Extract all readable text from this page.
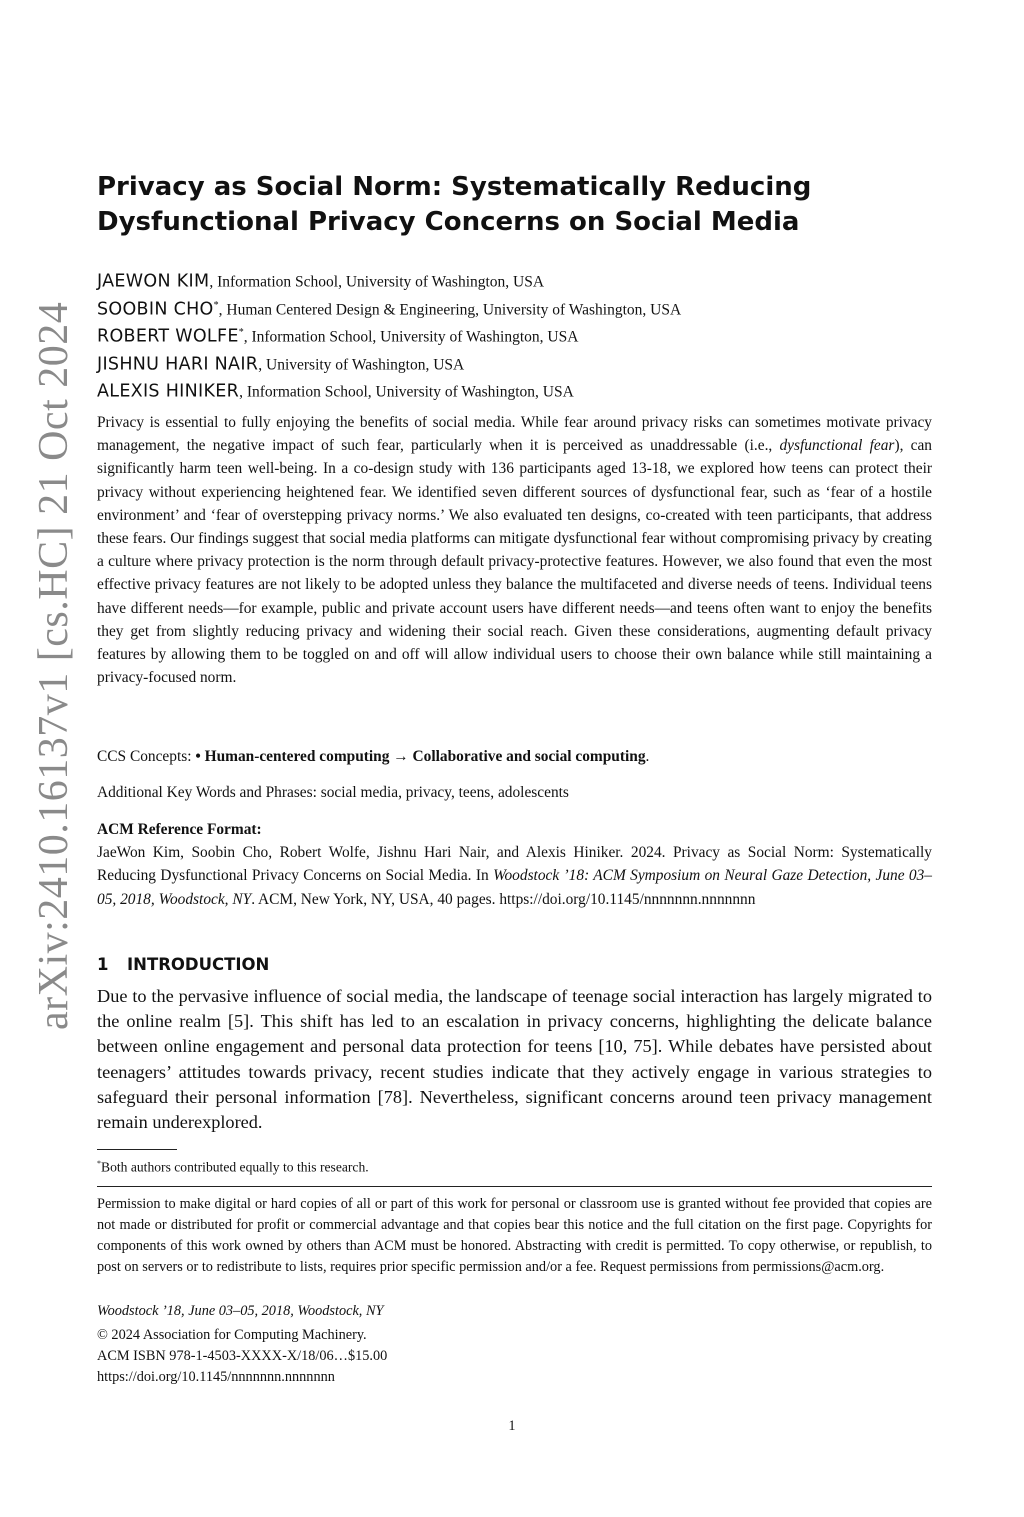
arXiv:2410.16137v1 [cs.HC] 21 Oct 2024
Privacy as Social Norm: Systematically Reducing Dysfunctional Privacy Concerns on Social Media
JAEWON KIM, Information School, University of Washington, USA
SOOBIN CHO*, Human Centered Design & Engineering, University of Washington, USA
ROBERT WOLFE*, Information School, University of Washington, USA
JISHNU HARI NAIR, University of Washington, USA
ALEXIS HINIKER, Information School, University of Washington, USA

Privacy is essential to fully enjoying the benefits of social media. While fear around privacy risks can sometimes motivate privacy management, the negative impact of such fear, particularly when it is perceived as unaddressable (i.e., dysfunctional fear), can significantly harm teen well-being. In a co-design study with 136 participants aged 13-18, we explored how teens can protect their privacy without experiencing heightened fear. We identified seven different sources of dysfunctional fear, such as ‘fear of a hostile environment’ and ‘fear of overstepping privacy norms.’ We also evaluated ten designs, co-created with teen participants, that address these fears. Our findings suggest that social media platforms can mitigate dysfunctional fear without compromising privacy by creating a culture where privacy protection is the norm through default privacy-protective features. However, we also found that even the most effective privacy features are not likely to be adopted unless they balance the multifaceted and diverse needs of teens. Individual teens have different needs—for example, public and private account users have different needs—and teens often want to enjoy the benefits they get from slightly reducing privacy and widening their social reach. Given these considerations, augmenting default privacy features by allowing them to be toggled on and off will allow individual users to choose their own balance while still maintaining a privacy-focused norm.

CCS Concepts: • Human-centered computing → Collaborative and social computing.
Additional Key Words and Phrases: social media, privacy, teens, adolescents
ACM Reference Format:
JaeWon Kim, Soobin Cho, Robert Wolfe, Jishnu Hari Nair, and Alexis Hiniker. 2024. Privacy as Social Norm: Systematically Reducing Dysfunctional Privacy Concerns on Social Media. In Woodstock ’18: ACM Symposium on Neural Gaze Detection, June 03–05, 2018, Woodstock, NY. ACM, New York, NY, USA, 40 pages. https://doi.org/10.1145/nnnnnnn.nnnnnnn
1 INTRODUCTION

Due to the pervasive influence of social media, the landscape of teenage social interaction has largely migrated to the online realm [5]. This shift has led to an escalation in privacy concerns, highlighting the delicate balance between online engagement and personal data protection for teens [10, 75]. While debates have persisted about teenagers’ attitudes towards privacy, recent studies indicate that they actively engage in various strategies to safeguard their personal information [78]. Nevertheless, significant concerns around teen privacy management remain underexplored.

*Both authors contributed equally to this research.

Permission to make digital or hard copies of all or part of this work for personal or classroom use is granted without fee provided that copies are not made or distributed for profit or commercial advantage and that copies bear this notice and the full citation on the first page. Copyrights for components of this work owned by others than ACM must be honored. Abstracting with credit is permitted. To copy otherwise, or republish, to post on servers or to redistribute to lists, requires prior specific permission and/or a fee. Request permissions from permissions@acm.org.

Woodstock ’18, June 03–05, 2018, Woodstock, NY
© 2024 Association for Computing Machinery.
ACM ISBN 978-1-4503-XXXX-X/18/06…$15.00
https://doi.org/10.1145/nnnnnnn.nnnnnnn
1
